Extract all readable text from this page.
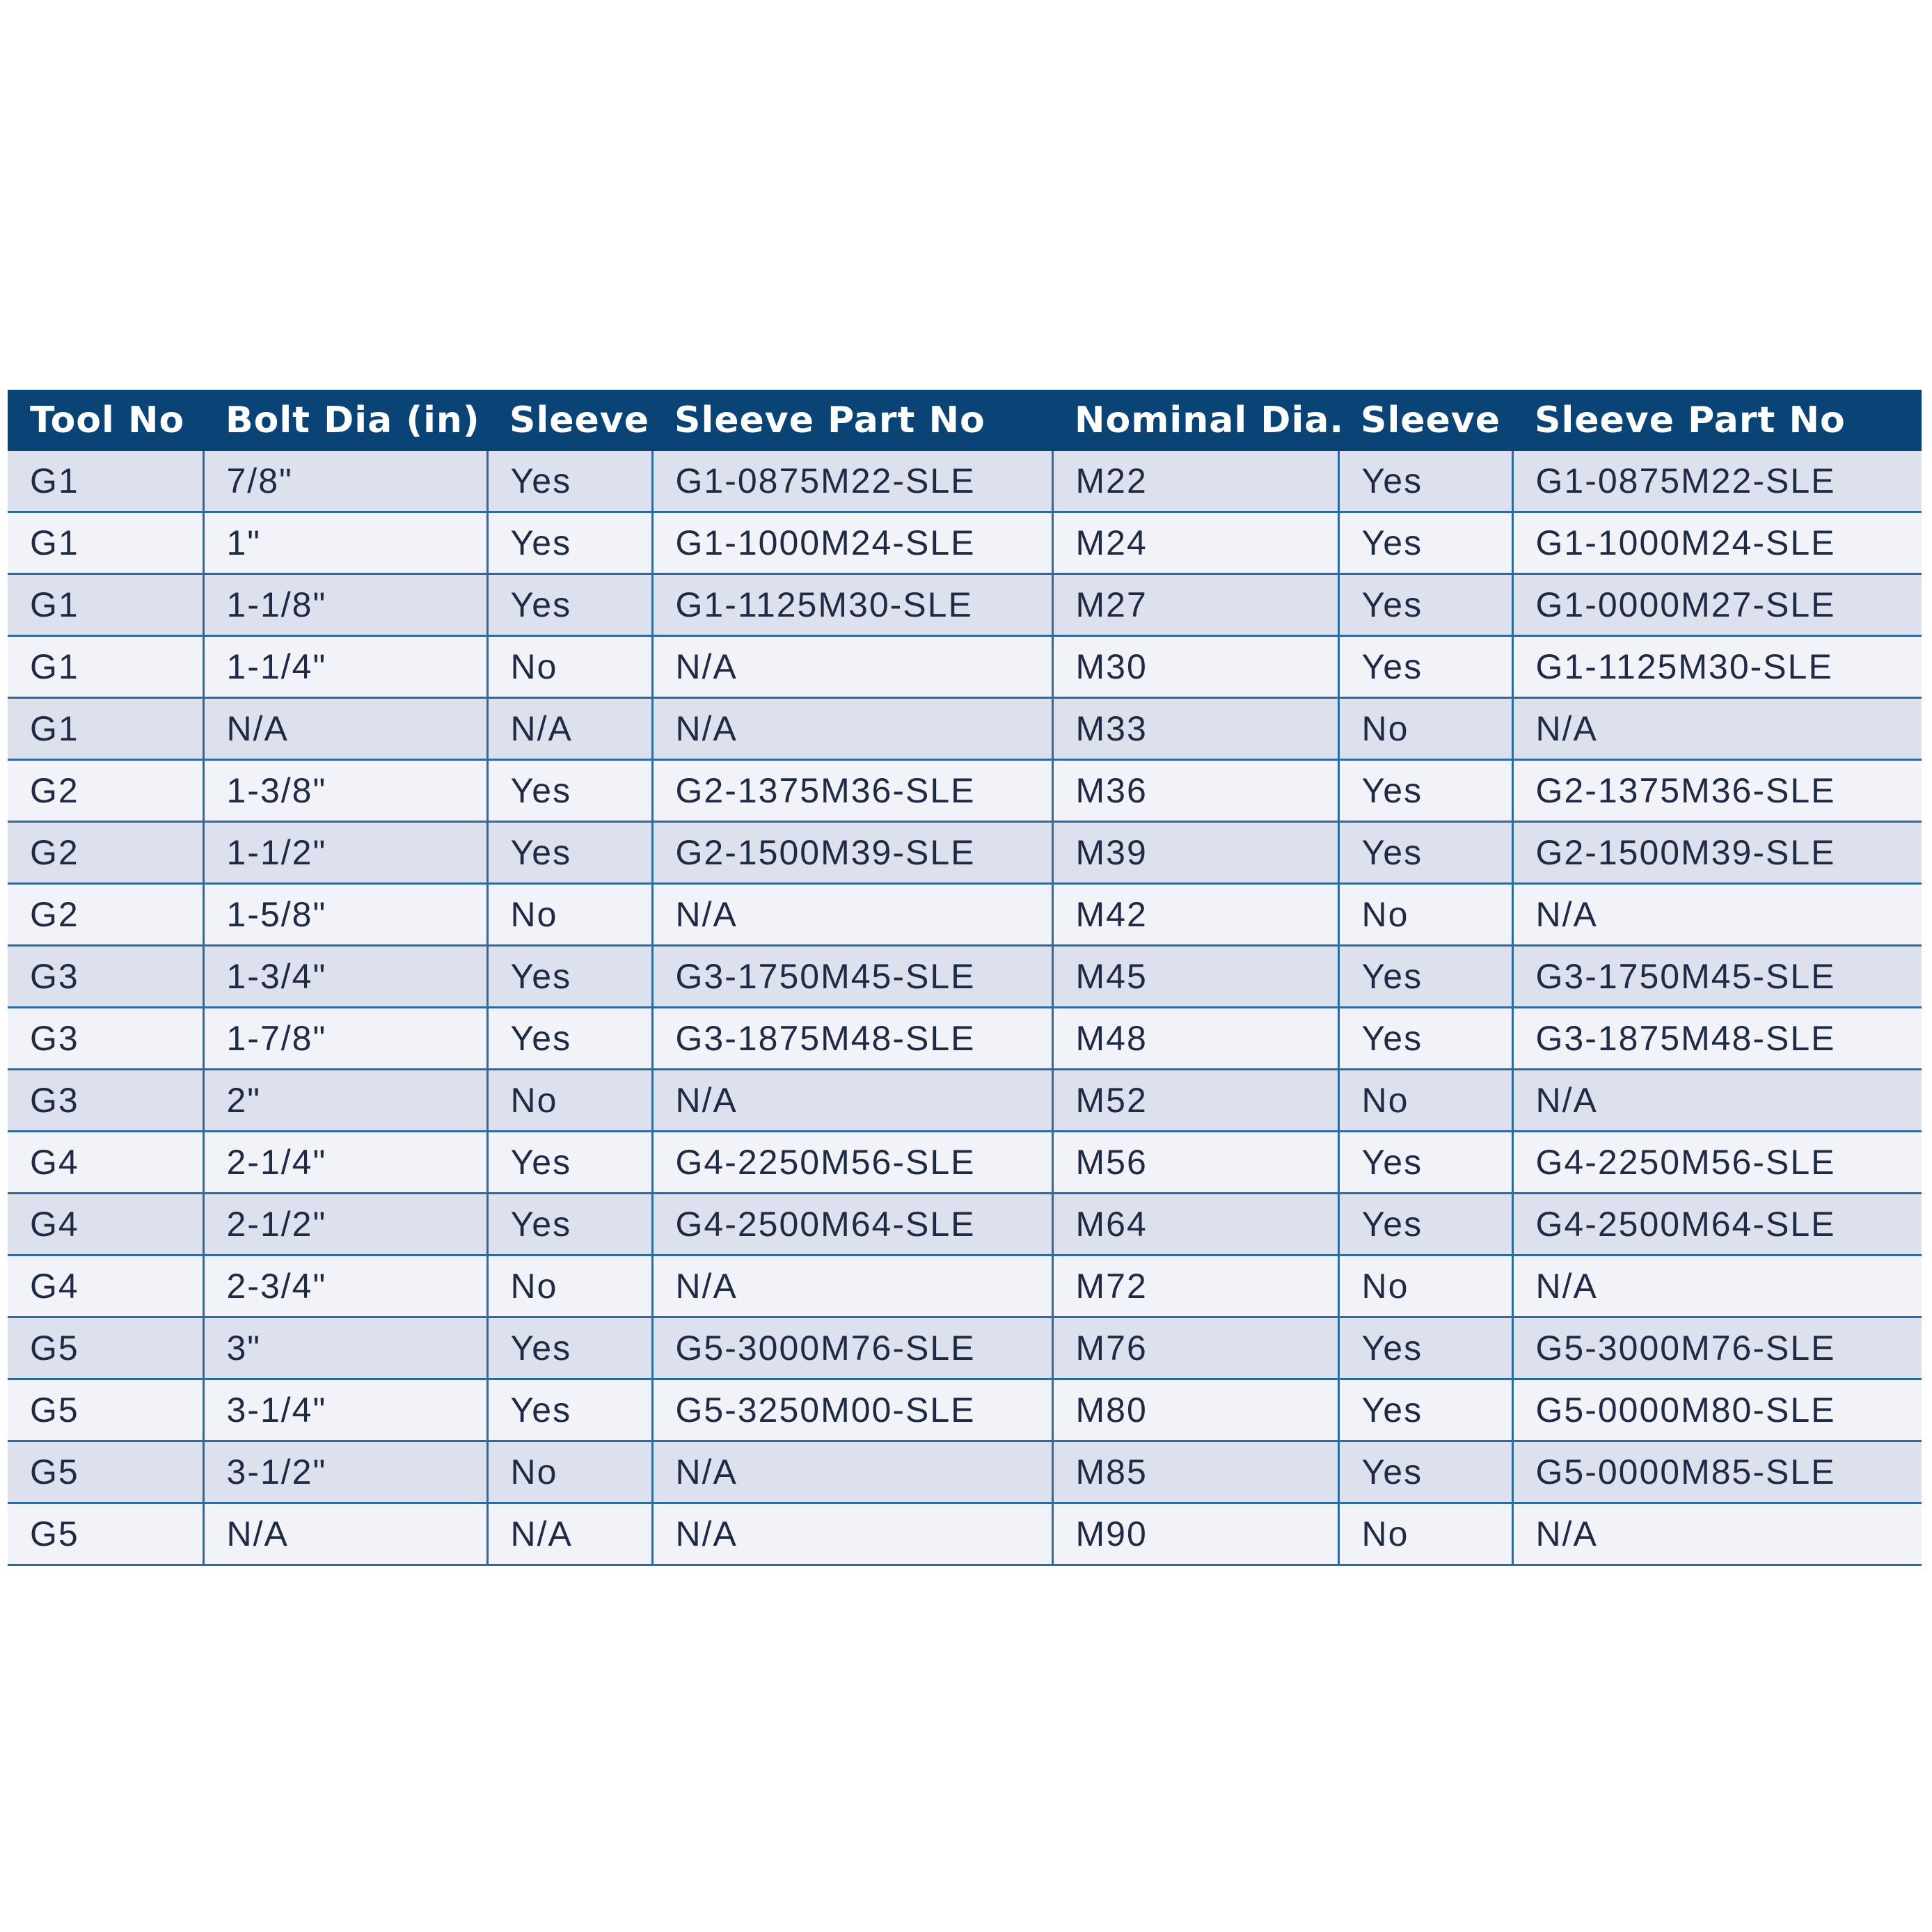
Tool No	Bolt Dia (in)	Sleeve	Sleeve Part No	Nominal Dia.	Sleeve	Sleeve Part No
G1	7/8"	Yes	G1-0875M22-SLE	M22	Yes	G1-0875M22-SLE
G1	1"	Yes	G1-1000M24-SLE	M24	Yes	G1-1000M24-SLE
G1	1-1/8"	Yes	G1-1125M30-SLE	M27	Yes	G1-0000M27-SLE
G1	1-1/4"	No	N/A	M30	Yes	G1-1125M30-SLE
G1	N/A	N/A	N/A	M33	No	N/A
G2	1-3/8"	Yes	G2-1375M36-SLE	M36	Yes	G2-1375M36-SLE
G2	1-1/2"	Yes	G2-1500M39-SLE	M39	Yes	G2-1500M39-SLE
G2	1-5/8"	No	N/A	M42	No	N/A
G3	1-3/4"	Yes	G3-1750M45-SLE	M45	Yes	G3-1750M45-SLE
G3	1-7/8"	Yes	G3-1875M48-SLE	M48	Yes	G3-1875M48-SLE
G3	2"	No	N/A	M52	No	N/A
G4	2-1/4"	Yes	G4-2250M56-SLE	M56	Yes	G4-2250M56-SLE
G4	2-1/2"	Yes	G4-2500M64-SLE	M64	Yes	G4-2500M64-SLE
G4	2-3/4"	No	N/A	M72	No	N/A
G5	3"	Yes	G5-3000M76-SLE	M76	Yes	G5-3000M76-SLE
G5	3-1/4"	Yes	G5-3250M00-SLE	M80	Yes	G5-0000M80-SLE
G5	3-1/2"	No	N/A	M85	Yes	G5-0000M85-SLE
G5	N/A	N/A	N/A	M90	No	N/A
